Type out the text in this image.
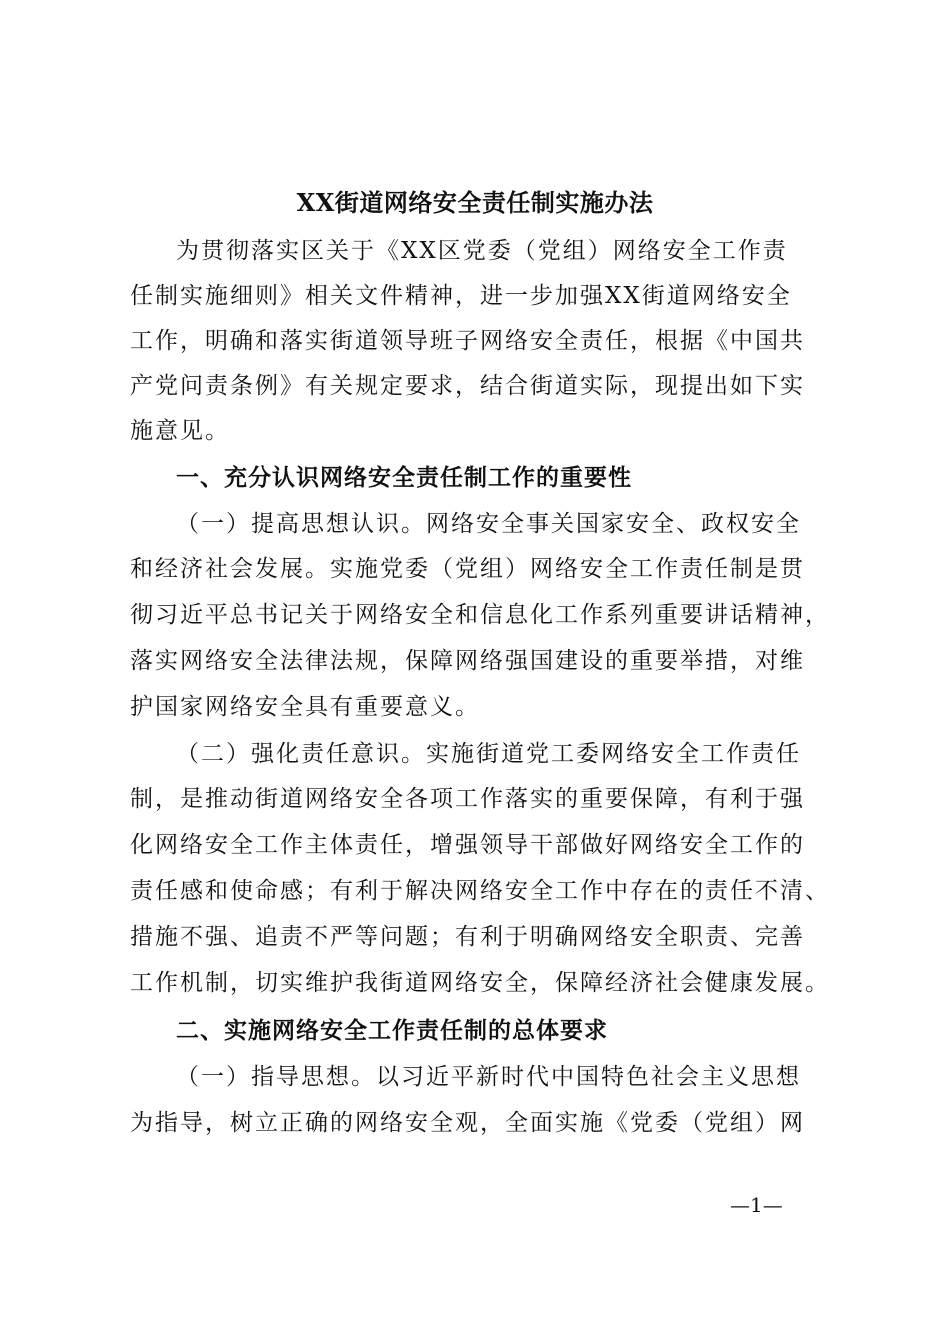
XX街道网络安全责任制实施办法
为贯彻落实区关于《XX区党委（党组）网络安全工作责
任制实施细则》相关文件精神，进一步加强XX街道网络安全
工作，明确和落实街道领导班子网络安全责任，根据《中国共
产党问责条例》有关规定要求，结合街道实际，现提出如下实
施意见。
一、充分认识网络安全责任制工作的重要性
（一）提高思想认识。网络安全事关国家安全、政权安全
和经济社会发展。实施党委（党组）网络安全工作责任制是贯
彻习近平总书记关于网络安全和信息化工作系列重要讲话精神，
落实网络安全法律法规，保障网络强国建设的重要举措，对维
护国家网络安全具有重要意义。
（二）强化责任意识。实施街道党工委网络安全工作责任
制，是推动街道网络安全各项工作落实的重要保障，有利于强
化网络安全工作主体责任，增强领导干部做好网络安全工作的
责任感和使命感；有利于解决网络安全工作中存在的责任不清、
措施不强、追责不严等问题；有利于明确网络安全职责、完善
工作机制，切实维护我街道网络安全，保障经济社会健康发展。
二、实施网络安全工作责任制的总体要求
（一）指导思想。以习近平新时代中国特色社会主义思想
为指导，树立正确的网络安全观，全面实施《党委（党组）网
—1—
